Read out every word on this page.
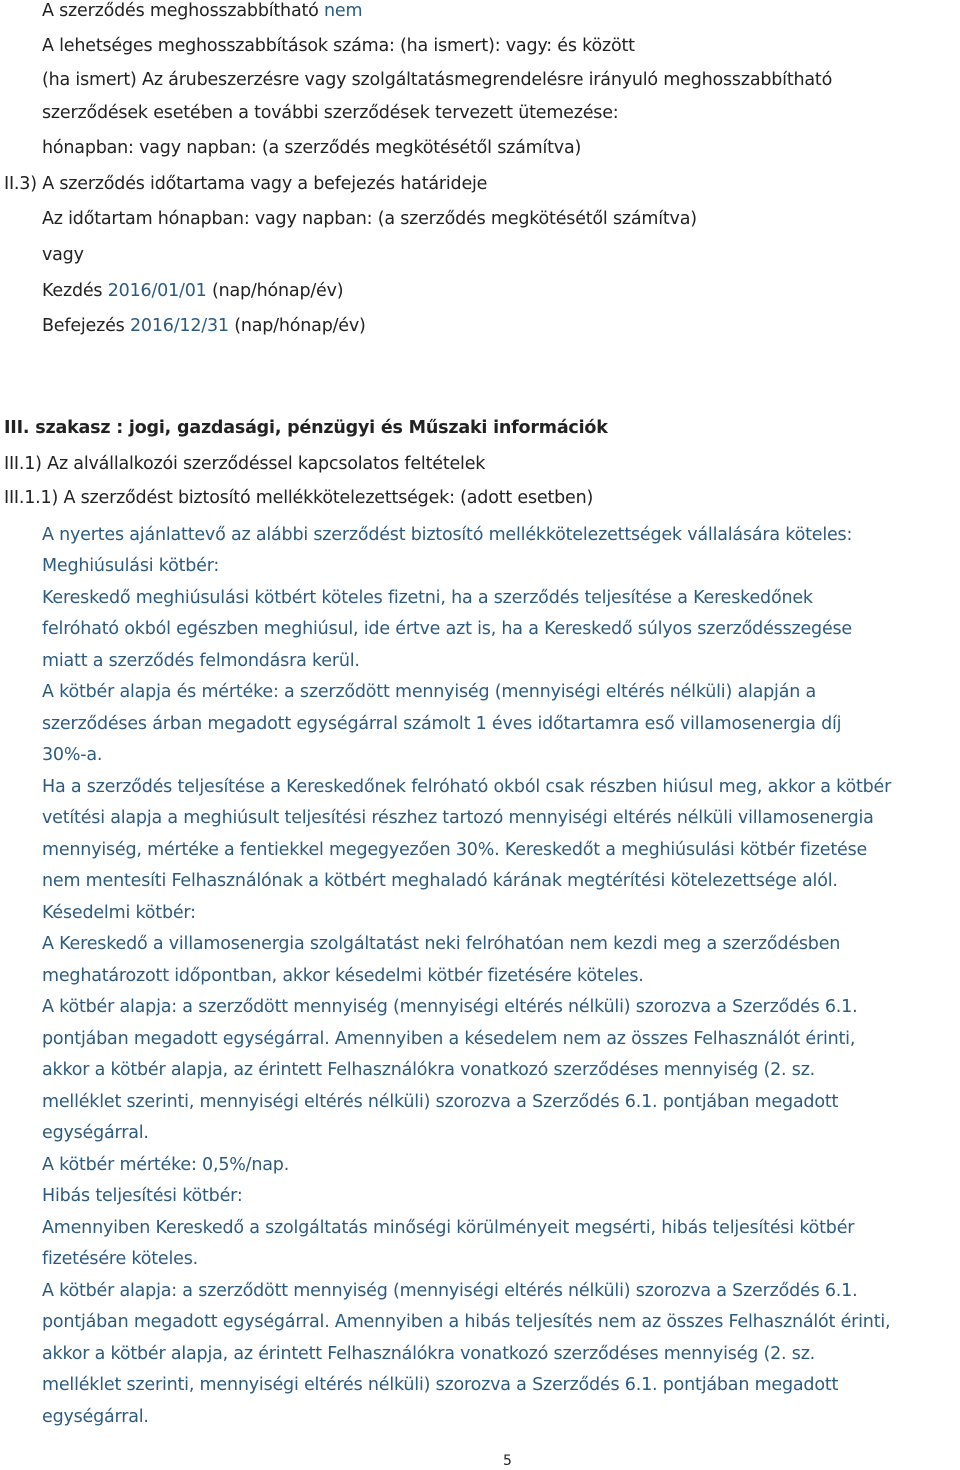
A szerződés meghosszabbítható nem
A lehetséges meghosszabbítások száma: (ha ismert): vagy: és között
(ha ismert) Az árubeszerzésre vagy szolgáltatásmegrendelésre irányuló meghosszabbítható
szerződések esetében a további szerződések tervezett ütemezése:
hónapban: vagy napban: (a szerződés megkötésétől számítva)
II.3) A szerződés időtartama vagy a befejezés határideje
Az időtartam hónapban: vagy napban: (a szerződés megkötésétől számítva)
vagy
Kezdés 2016/01/01 (nap/hónap/év)
Befejezés 2016/12/31 (nap/hónap/év)
III. szakasz : jogi, gazdasági, pénzügyi és Műszaki információk
III.1) Az alvállalkozói szerződéssel kapcsolatos feltételek
III.1.1) A szerződést biztosító mellékkötelezettségek: (adott esetben)
A nyertes ajánlattevő az alábbi szerződést biztosító mellékkötelezettségek vállalására köteles:
Meghiúsulási kötbér:
Kereskedő meghiúsulási kötbért köteles fizetni, ha a szerződés teljesítése a Kereskedőnek
felróható okból egészben meghiúsul, ide értve azt is, ha a Kereskedő súlyos szerződésszegése
miatt a szerződés felmondásra kerül.
A kötbér alapja és mértéke: a szerződött mennyiség (mennyiségi eltérés nélküli) alapján a
szerződéses árban megadott egységárral számolt 1 éves időtartamra eső villamosenergia díj
30%-a.
Ha a szerződés teljesítése a Kereskedőnek felróható okból csak részben hiúsul meg, akkor a kötbér
vetítési alapja a meghiúsult teljesítési részhez tartozó mennyiségi eltérés nélküli villamosenergia
mennyiség, mértéke a fentiekkel megegyezően 30%. Kereskedőt a meghiúsulási kötbér fizetése
nem mentesíti Felhasználónak a kötbért meghaladó kárának megtérítési kötelezettsége alól.
Késedelmi kötbér:
A Kereskedő a villamosenergia szolgáltatást neki felróhatóan nem kezdi meg a szerződésben
meghatározott időpontban, akkor késedelmi kötbér fizetésére köteles.
A kötbér alapja: a szerződött mennyiség (mennyiségi eltérés nélküli) szorozva a Szerződés 6.1.
pontjában megadott egységárral. Amennyiben a késedelem nem az összes Felhasználót érinti,
akkor a kötbér alapja, az érintett Felhasználókra vonatkozó szerződéses mennyiség (2. sz.
melléklet szerinti, mennyiségi eltérés nélküli) szorozva a Szerződés 6.1. pontjában megadott
egységárral.
A kötbér mértéke: 0,5%/nap.
Hibás teljesítési kötbér:
Amennyiben Kereskedő a szolgáltatás minőségi körülményeit megsérti, hibás teljesítési kötbér
fizetésére köteles.
A kötbér alapja: a szerződött mennyiség (mennyiségi eltérés nélküli) szorozva a Szerződés 6.1.
pontjában megadott egységárral. Amennyiben a hibás teljesítés nem az összes Felhasználót érinti,
akkor a kötbér alapja, az érintett Felhasználókra vonatkozó szerződéses mennyiség (2. sz.
melléklet szerinti, mennyiségi eltérés nélküli) szorozva a Szerződés 6.1. pontjában megadott
egységárral.
5
